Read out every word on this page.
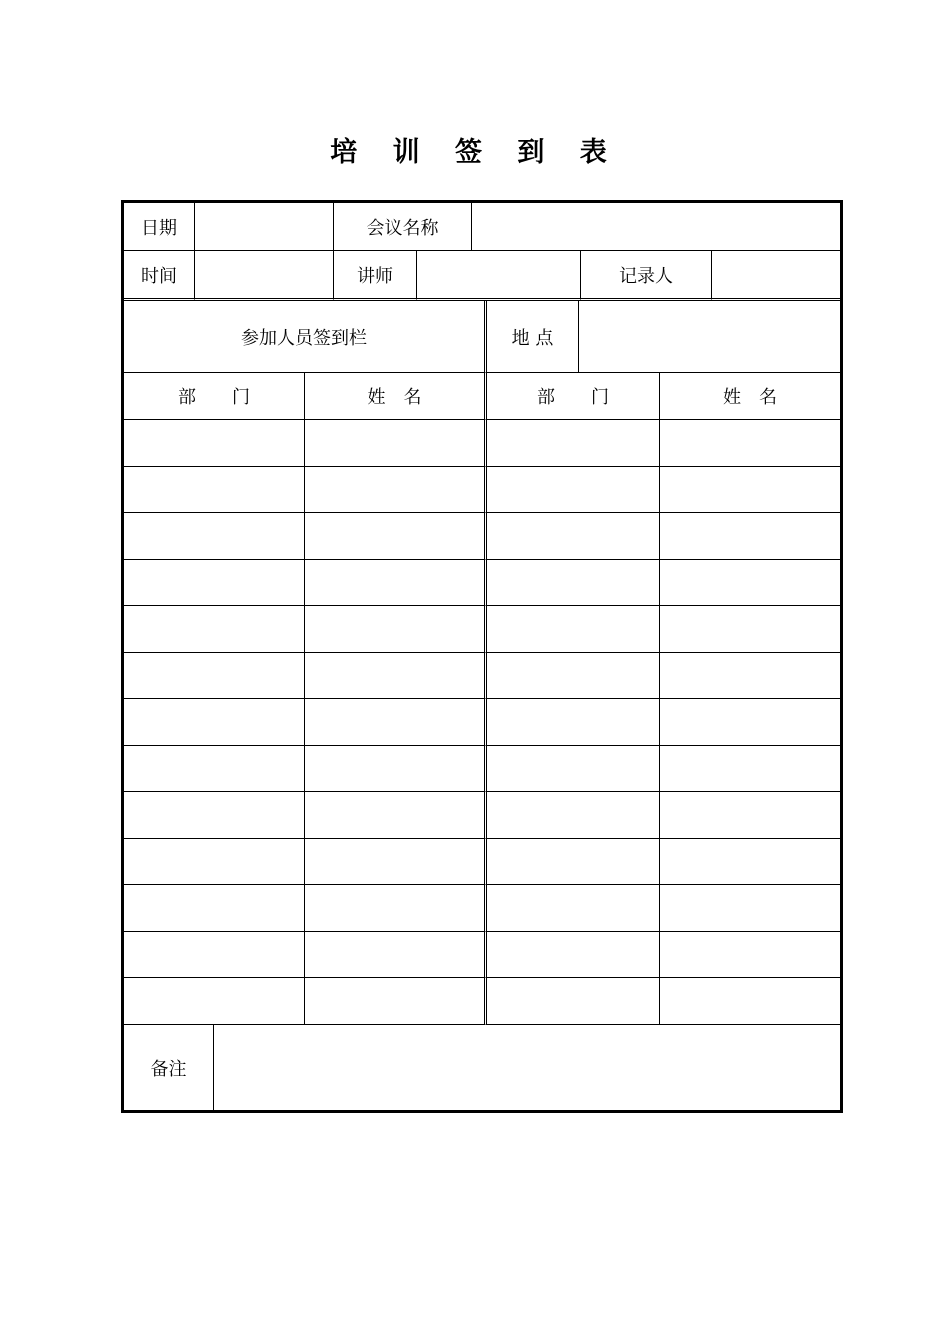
培 训 签 到 表
日期	会议名称
时间	讲师	记录人
参加人员签到栏	地 点
部　　门	姓　名	部　　门	姓　名
备注
